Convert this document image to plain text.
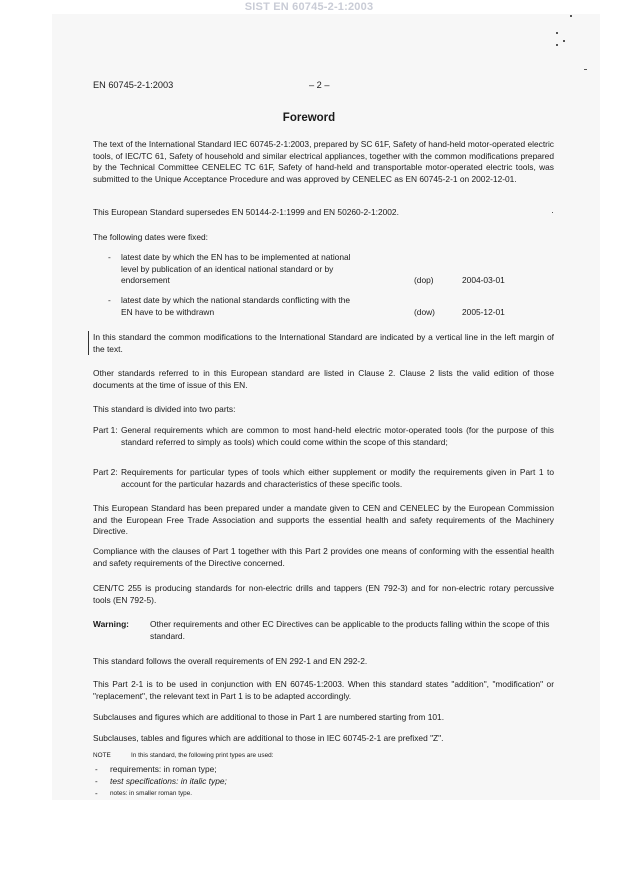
SIST EN 60745-2-1:2003
EN 60745-2-1:2003	– 2 –
Foreword

The text of the International Standard IEC 60745-2-1:2003, prepared by SC 61F, Safety of hand-held motor-operated electric tools, of IEC/TC 61, Safety of household and similar electrical appliances, together with the common modifications prepared by the Technical Committee CENELEC TC 61F, Safety of hand-held and transportable motor-operated electric tools, was submitted to the Unique Acceptance Procedure and was approved by CENELEC as EN 60745-2-1 on 2002-12-01.

This European Standard supersedes EN 50144-2-1:1999 and EN 50260-2-1:2002.

The following dates were fixed:

- latest date by which the EN has to be implemented at national level by publication of an identical national standard or by endorsement	(dop)	2004-03-01
- latest date by which the national standards conflicting with the EN have to be withdrawn	(dow)	2005-12-01

In this standard the common modifications to the International Standard are indicated by a vertical line in the left margin of the text.

Other standards referred to in this European standard are listed in Clause 2. Clause 2 lists the valid edition of those documents at the time of issue of this EN.

This standard is divided into two parts:

Part 1: General requirements which are common to most hand-held electric motor-operated tools (for the purpose of this standard referred to simply as tools) which could come within the scope of this standard;

Part 2: Requirements for particular types of tools which either supplement or modify the requirements given in Part 1 to account for the particular hazards and characteristics of these specific tools.

This European Standard has been prepared under a mandate given to CEN and CENELEC by the European Commission and the European Free Trade Association and supports the essential health and safety requirements of the Machinery Directive.

Compliance with the clauses of Part 1 together with this Part 2 provides one means of conforming with the essential health and safety requirements of the Directive concerned.

CEN/TC 255 is producing standards for non-electric drills and tappers (EN 792-3) and for non-electric rotary percussive tools (EN 792-5).

Warning:	Other requirements and other EC Directives can be applicable to the products falling within the scope of this standard.

This standard follows the overall requirements of EN 292-1 and EN 292-2.

This Part 2-1 is to be used in conjunction with EN 60745-1:2003. When this standard states "addition", "modification" or "replacement", the relevant text in Part 1 is to be adapted accordingly.

Subclauses and figures which are additional to those in Part 1 are numbered starting from 101.

Subclauses, tables and figures which are additional to those in IEC 60745-2-1 are prefixed "Z".

NOTE	In this standard, the following print types are used:
- requirements: in roman type;
- test specifications: in italic type;
- notes: in smaller roman type.
